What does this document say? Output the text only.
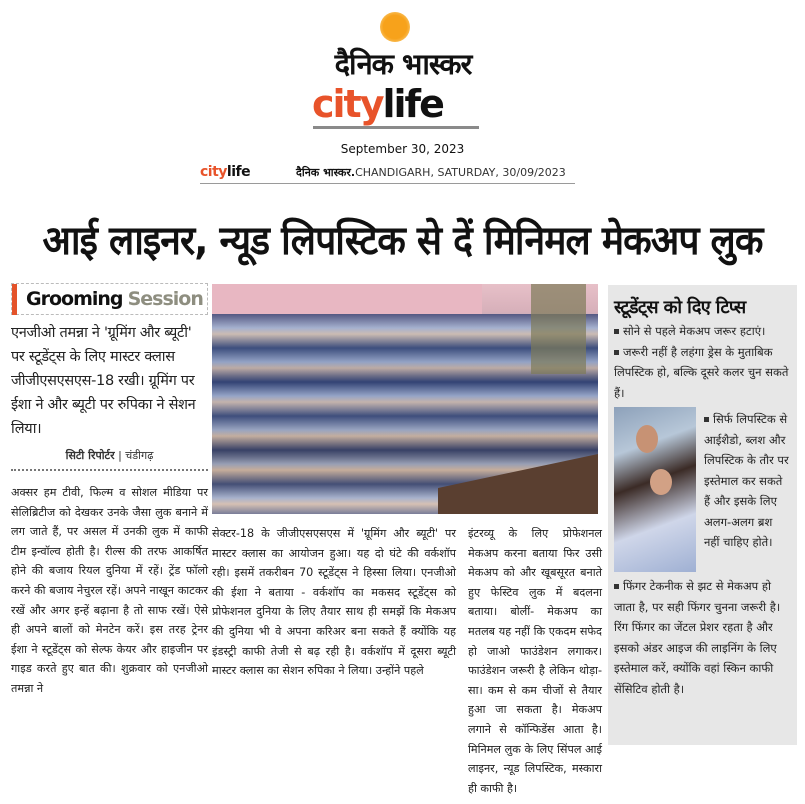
दैनिक भास्कर
citylife
September 30, 2023
citylife	दैनिक भास्कर.CHANDIGARH, SATURDAY, 30/09/2023
आई लाइनर, न्यूड लिपस्टिक से दें मिनिमल मेकअप लुक
Grooming Session

एनजीओ तमन्ना ने 'ग्रूमिंग और ब्यूटी' पर स्टूडेंट्स के लिए मास्टर क्लास जीजीएसएसएस-18 रखी। ग्रूमिंग पर ईशा ने और ब्यूटी पर रुपिका ने सेशन लिया।

सिटी रिपोर्टर | चंडीगढ़

अक्सर हम टीवी, फिल्म व सोशल मीडिया पर सेलिब्रिटीज को देखकर उनके जैसा लुक बनाने में लग जाते हैं, पर असल में उनकी लुक में काफी टीम इन्वॉल्व होती है। रील्स की तरफ आकर्षित होने की बजाय रियल दुनिया में रहें। ट्रेंड फॉलो करने की बजाय नेचुरल रहें। अपने नाखून काटकर रखें और अगर इन्हें बढ़ाना है तो साफ रखें। ऐसे ही अपने बालों को मेनटेन करें। इस तरह ट्रेनर ईशा ने स्टूडेंट्स को सेल्फ केयर और हाइजीन पर गाइड करते हुए बात की। शुक्रवार को एनजीओ तमन्ना ने

सेक्टर-18 के जीजीएसएसएस में 'ग्रूमिंग और ब्यूटी' पर मास्टर क्लास का आयोजन हुआ। यह दो घंटे की वर्कशॉप रही। इसमें तकरीबन 70 स्टूडेंट्स ने हिस्सा लिया। एनजीओ की ईशा ने बताया - वर्कशॉप का मकसद स्टूडेंट्स को प्रोफेशनल दुनिया के लिए तैयार साथ ही समझें कि मेकअप की दुनिया भी वे अपना करिअर बना सकते हैं क्योंकि यह इंडस्ट्री काफी तेजी से बढ़ रही है। वर्कशॉप में दूसरा ब्यूटी मास्टर क्लास का सेशन रुपिका ने लिया। उन्होंने पहले

इंटरव्यू के लिए प्रोफेशनल मेकअप करना बताया फिर उसी मेकअप को और खूबसूरत बनाते हुए फेस्टिव लुक में बदलना बताया। बोलीं- मेकअप का मतलब यह नहीं कि एकदम सफेद हो जाओ फाउंडेशन लगाकर। फाउंडेशन जरूरी है लेकिन थोड़ा-सा। कम से कम चीजों से तैयार हुआ जा सकता है। मेकअप लगाने से कॉन्फिडेंस आता है। मिनिमल लुक के लिए सिंपल आई लाइनर, न्यूड लिपस्टिक, मस्कारा ही काफी है।

स्टूडेंट्स को दिए टिप्स

सोने से पहले मेकअप जरूर हटाएं।

जरूरी नहीं है लहंगा ड्रेस के मुताबिक लिपस्टिक हो, बल्कि दूसरे कलर चुन सकते हैं।

सिर्फ लिपस्टिक से आईशैडो, ब्लश और लिपस्टिक के तौर पर इस्तेमाल कर सकते हैं और इसके लिए अलग-अलग ब्रश नहीं चाहिए होते।

फिंगर टेकनीक से झट से मेकअप हो जाता है, पर सही फिंगर चुनना जरूरी है। रिंग फिंगर का जेंटल प्रेशर रहता है और इसको अंडर आइज की लाइनिंग के लिए इस्तेमाल करें, क्योंकि वहां स्किन काफी सेंसिटिव होती है।
